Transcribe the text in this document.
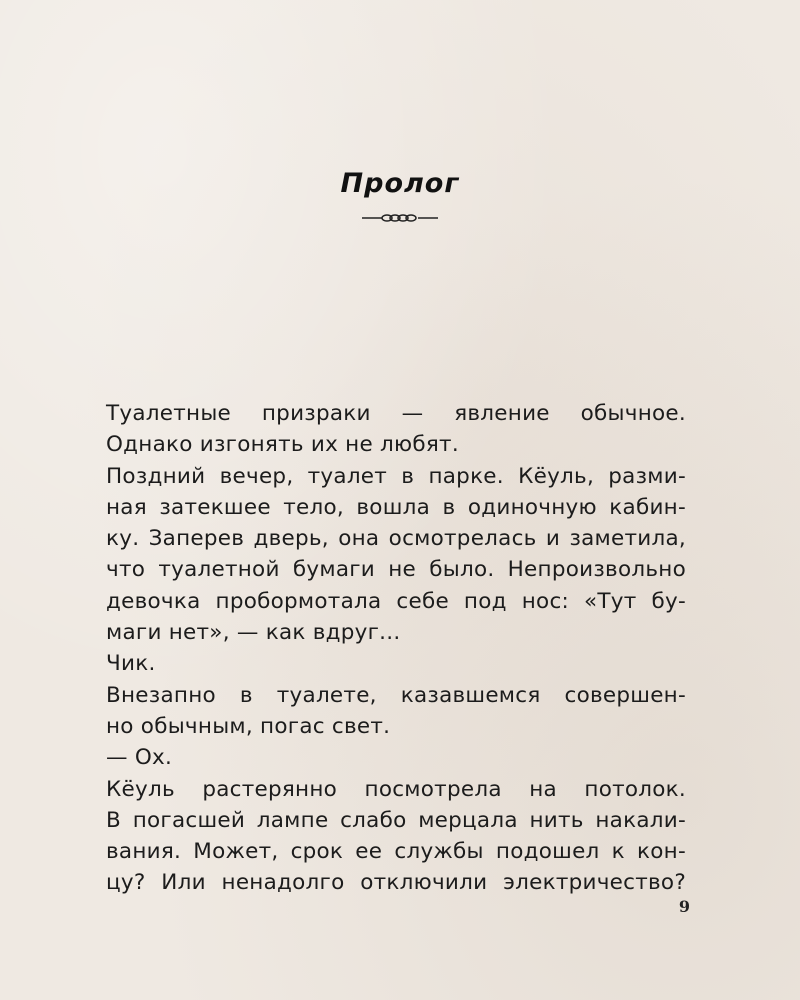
Пролог

Туалетные призраки — явление обычное.
Однако изгонять их не любят.

Поздний вечер, туалет в парке. Кёуль, разми-
ная затекшее тело, вошла в одиночную кабин-
ку. Заперев дверь, она осмотрелась и заметила,
что туалетной бумаги не было. Непроизвольно
девочка пробормотала себе под нос: «Тут бу-
маги нет», — как вдруг...

Чик.

Внезапно в туалете, казавшемся совершен-
но обычным, погас свет.

— Ох.

Кёуль растерянно посмотрела на потолок.
В погасшей лампе слабо мерцала нить накали-
вания. Может, срок ее службы подошел к кон-
цу? Или ненадолго отключили электричество?

9
